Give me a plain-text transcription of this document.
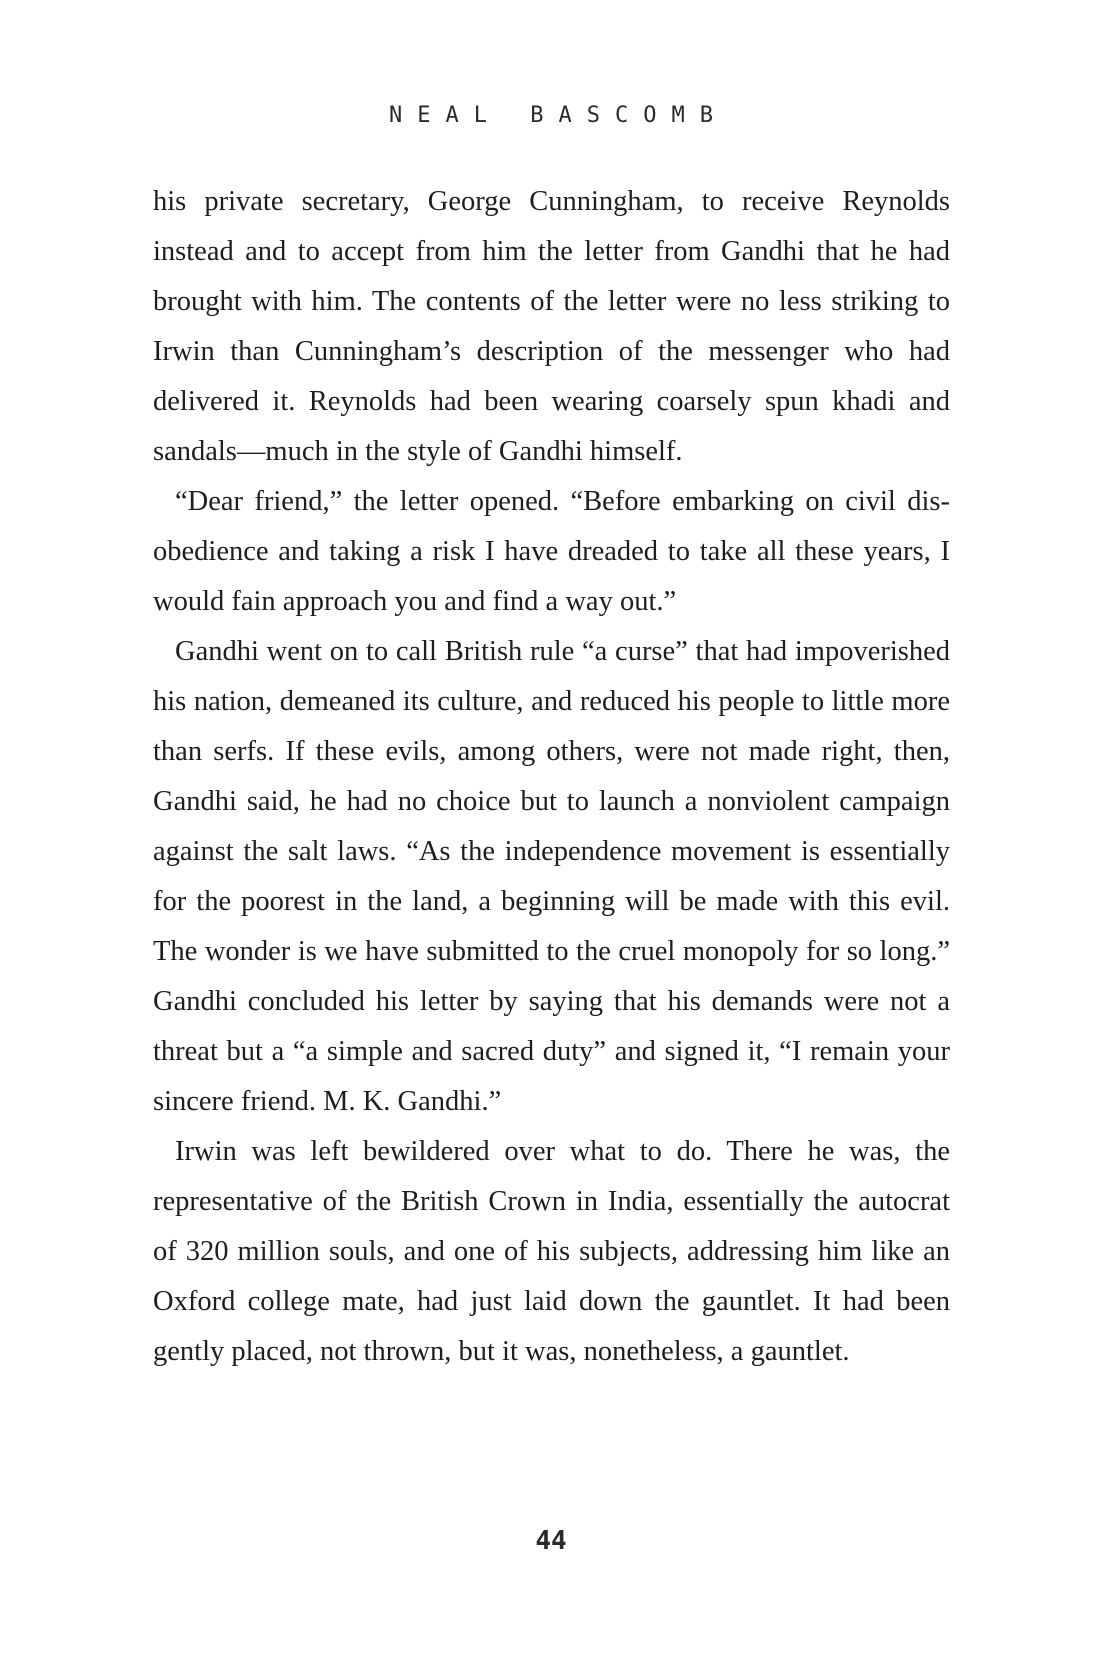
NEAL BASCOMB

his private secretary, George Cunningham, to receive Reynolds instead and to accept from him the letter from Gandhi that he had brought with him. The contents of the letter were no less striking to Irwin than Cunningham’s description of the messenger who had delivered it. Reynolds had been wearing coarsely spun khadi and sandals—much in the style of Gandhi himself.

“Dear friend,” the letter opened. “Before embarking on civil disobedience and taking a risk I have dreaded to take all these years, I would fain approach you and find a way out.”

Gandhi went on to call British rule “a curse” that had impoverished his nation, demeaned its culture, and reduced his people to little more than serfs. If these evils, among others, were not made right, then, Gandhi said, he had no choice but to launch a nonviolent campaign against the salt laws. “As the independence movement is essentially for the poorest in the land, a beginning will be made with this evil. The wonder is we have submitted to the cruel monopoly for so long.” Gandhi concluded his letter by saying that his demands were not a threat but a “a simple and sacred duty” and signed it, “I remain your sincere friend. M. K. Gandhi.”

Irwin was left bewildered over what to do. There he was, the representative of the British Crown in India, essentially the autocrat of 320 million souls, and one of his subjects, addressing him like an Oxford college mate, had just laid down the gauntlet. It had been gently placed, not thrown, but it was, nonetheless, a gauntlet.

44
